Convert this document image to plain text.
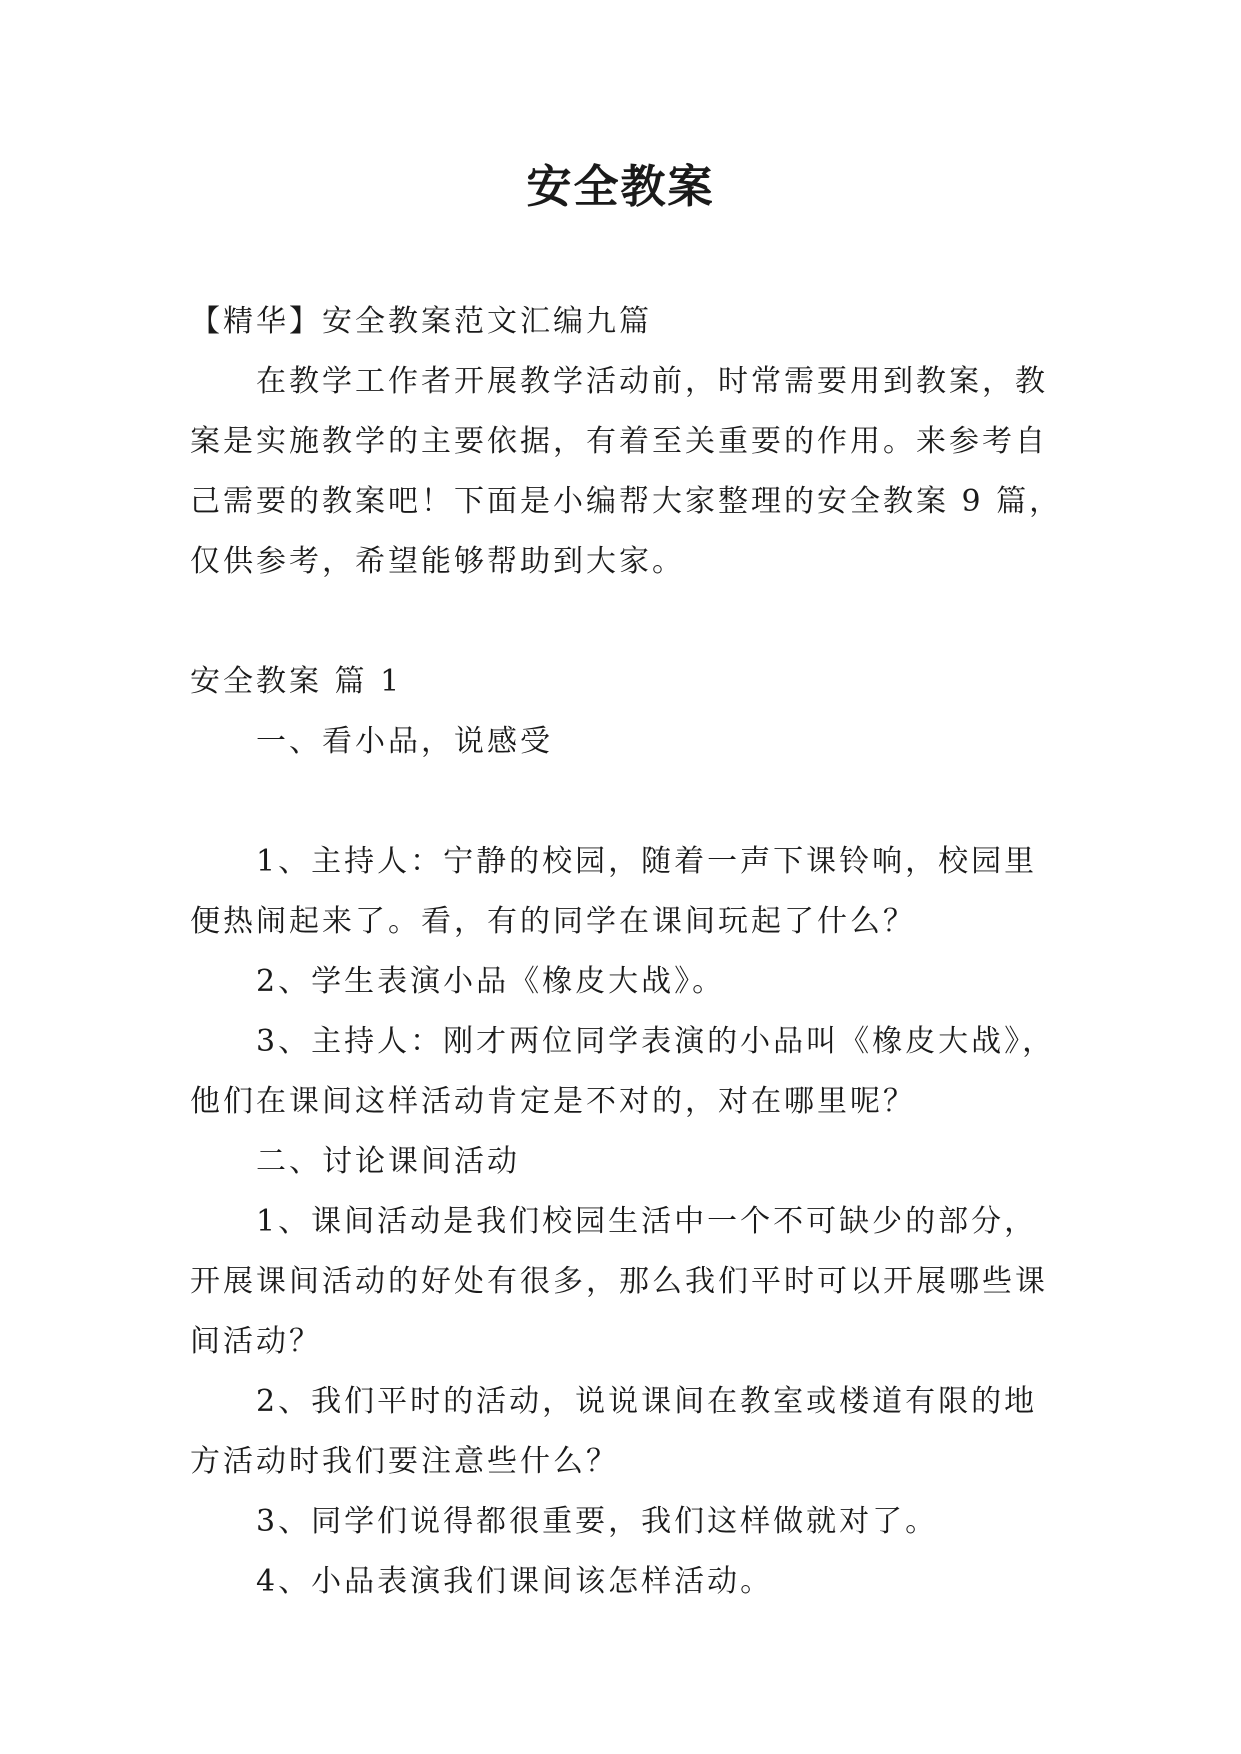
安全教案
【精华】安全教案范文汇编九篇
在教学工作者开展教学活动前，时常需要用到教案，教
案是实施教学的主要依据，有着至关重要的作用。来参考自
己需要的教案吧！下面是小编帮大家整理的安全教案 9 篇，
仅供参考，希望能够帮助到大家。
安全教案 篇 1
一、看小品，说感受
1、主持人：宁静的校园，随着一声下课铃响，校园里
便热闹起来了。看，有的同学在课间玩起了什么？
2、学生表演小品《橡皮大战》。
3、主持人：刚才两位同学表演的小品叫《橡皮大战》，
他们在课间这样活动肯定是不对的，对在哪里呢？
二、讨论课间活动
1、课间活动是我们校园生活中一个不可缺少的部分，
开展课间活动的好处有很多，那么我们平时可以开展哪些课
间活动？
2、我们平时的活动，说说课间在教室或楼道有限的地
方活动时我们要注意些什么？
3、同学们说得都很重要，我们这样做就对了。
4、小品表演我们课间该怎样活动。
